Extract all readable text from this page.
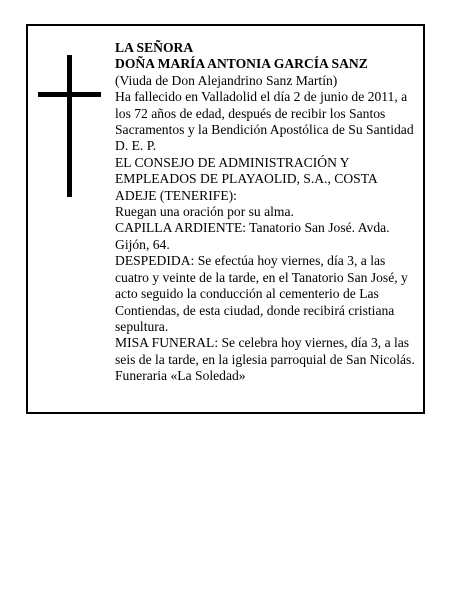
LA SEÑORA

DOÑA MARÍA ANTONIA GARCÍA SANZ

(Viuda de Don Alejandrino Sanz Martín)

Ha fallecido en Valladolid el día 2 de junio de 2011, a los 72 años de edad, después de recibir los Santos Sacramentos y la Bendición Apostólica de Su Santidad

D. E. P.

EL CONSEJO DE ADMINISTRACIÓN Y EMPLEADOS DE PLAYAOLID, S.A., COSTA ADEJE (TENERIFE):

Ruegan una oración por su alma.

CAPILLA ARDIENTE: Tanatorio San José. Avda. Gijón, 64.

DESPEDIDA: Se efectúa hoy viernes, día 3, a las cuatro y veinte de la tarde, en el Tanatorio San José, y acto seguido la conducción al cementerio de Las Contiendas, de esta ciudad, donde recibirá cristiana sepultura.

MISA FUNERAL: Se celebra hoy viernes, día 3, a las seis de la tarde, en la iglesia parroquial de San Nicolás.

Funeraria «La Soledad»
